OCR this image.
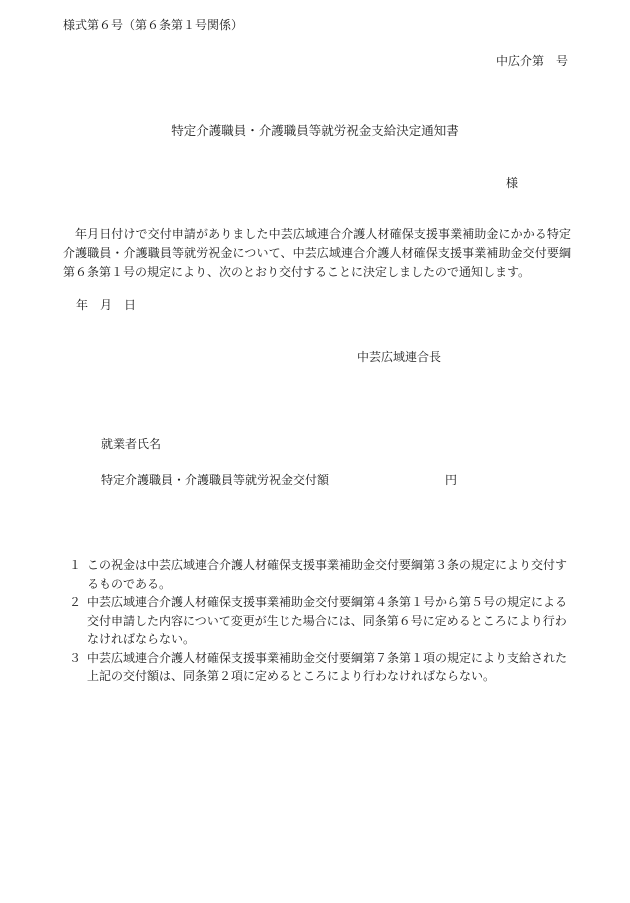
様式第６号（第６条第１号関係）
中広介第　号
特定介護職員・介護職員等就労祝金支給決定通知書
様
年月日付けで交付申請がありました中芸広域連合介護人材確保支援事業補助金にかかる特定介護職員・介護職員等就労祝金について、中芸広域連合介護人材確保支援事業補助金交付要綱第６条第１号の規定により、次のとおり交付することに決定しましたので通知します。
年　月　日
中芸広域連合長
就業者氏名
特定介護職員・介護職員等就労祝金交付額	円
１ この祝金は中芸広域連合介護人材確保支援事業補助金交付要綱第３条の規定により交付するものである。
２ 中芸広域連合介護人材確保支援事業補助金交付要綱第４条第１号から第５号の規定による交付申請した内容について変更が生じた場合には、同条第６号に定めるところにより行わなければならない。
３ 中芸広域連合介護人材確保支援事業補助金交付要綱第７条第１項の規定により支給された上記の交付額は、同条第２項に定めるところにより行わなければならない。
